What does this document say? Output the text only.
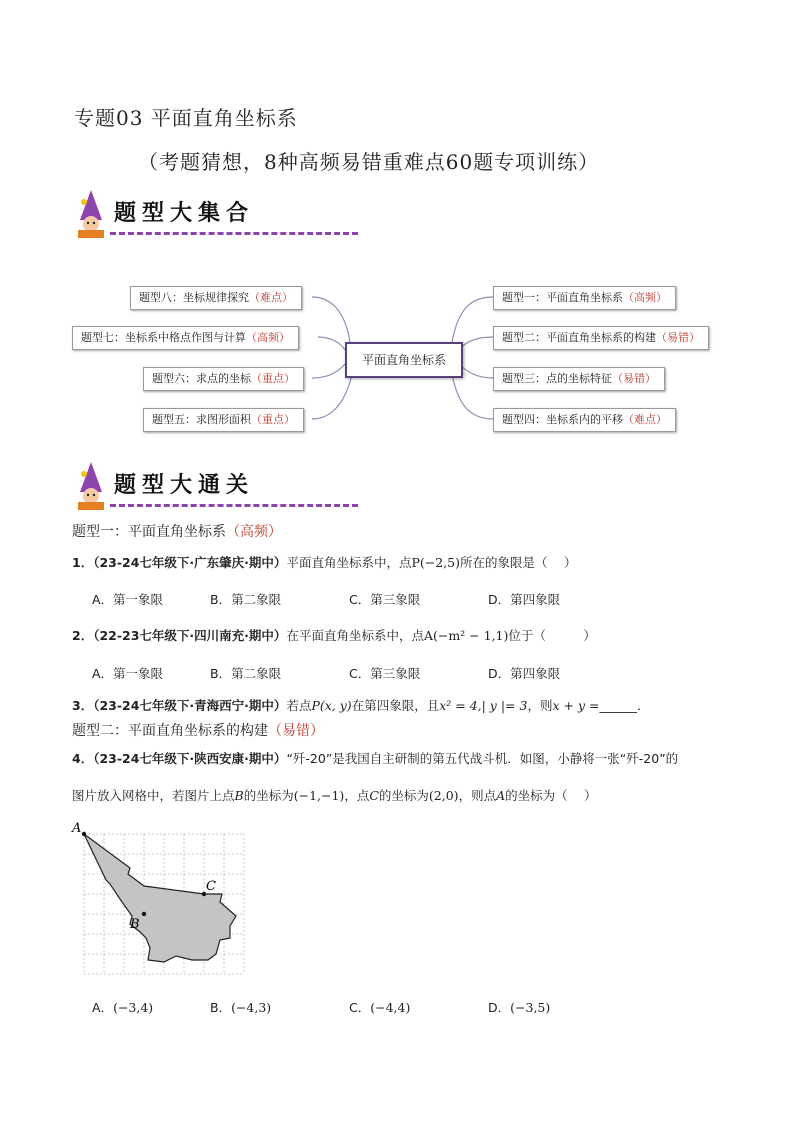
专题03 平面直角坐标系
（考题猜想，8种高频易错重难点60题专项训练）
题型大集合
平面直角坐标系
题型八：坐标规律探究（难点）
题型七：坐标系中格点作图与计算（高频）
题型六：求点的坐标（重点）
题型五：求图形面积（重点）
题型一：平面直角坐标系（高频）
题型二：平面直角坐标系的构建（易错）
题型三：点的坐标特征（易错）
题型四：坐标系内的平移（难点）
题型大通关
题型一：平面直角坐标系（高频）
1．（23-24七年级下·广东肇庆·期中）平面直角坐标系中，点P(−2,5)所在的象限是（　 ）
A．第一象限	B．第二象限	C．第三象限	D．第四象限
2．（22-23七年级下·四川南充·期中）在平面直角坐标系中，点A(−m² − 1,1)位于（　　　）
A．第一象限	B．第二象限	C．第三象限	D．第四象限
3．（23-24七年级下·青海西宁·期中）若点P(x, y)在第四象限，且x² = 4,| y |= 3，则x + y =______．
题型二：平面直角坐标系的构建（易错）
4．（23-24七年级下·陕西安康·期中）“歼-20”是我国自主研制的第五代战斗机．如图，小静将一张“歼-20”的
图片放入网格中，若图片上点B的坐标为(−1,−1)，点C的坐标为(2,0)，则点A的坐标为（　 ）
A
C
B
A．(−3,4)	B．(−4,3)	C．(−4,4)	D．(−3,5)
